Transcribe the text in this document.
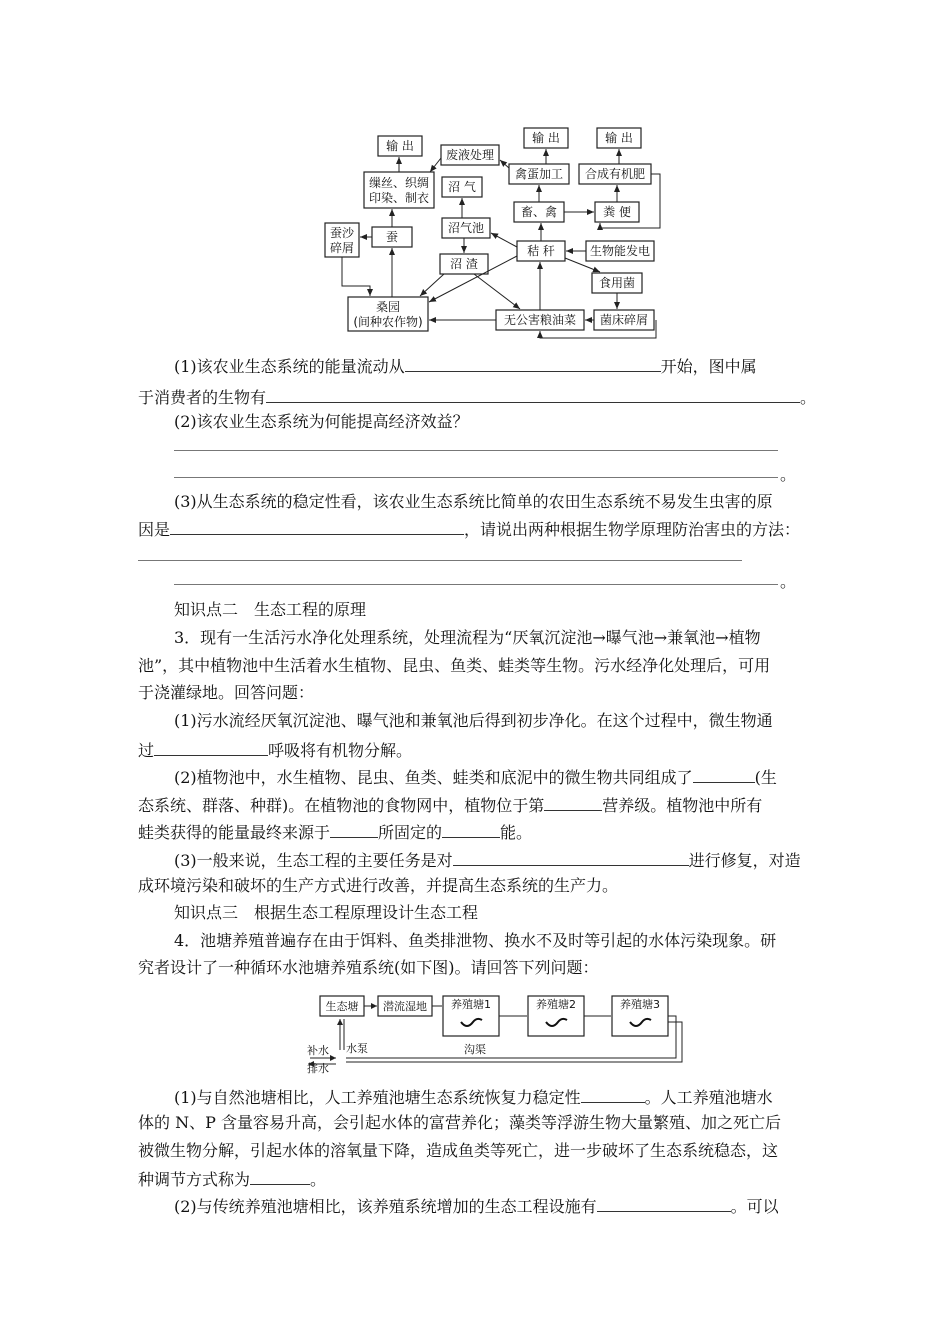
输 出
废液处理
输 出	输 出
缫丝、织绸
印染、制衣
沼 气
禽蛋加工 合成有机肥
蚕沙
碎屑
蚕
沼气池
畜、禽	粪 便
秸 秆	生物能发电
沼 渣
食用菌
桑园
(间种农作物)	无公害粮油菜 菌床碎屑
(1)该农业生态系统的能量流动从	开始，图中属
于消费者的生物有	。
(2)该农业生态系统为何能提高经济效益？
。
(3)从生态系统的稳定性看，该农业生态系统比简单的农田生态系统不易发生虫害的原
因是	，请说出两种根据生物学原理防治害虫的方法：
。
知识点二　生态工程的原理
3．现有一生活污水净化处理系统，处理流程为“厌氧沉淀池→曝气池→兼氧池→植物
池”，其中植物池中生活着水生植物、昆虫、鱼类、蛙类等生物。污水经净化处理后，可用
于浇灌绿地。回答问题：
(1)污水流经厌氧沉淀池、曝气池和兼氧池后得到初步净化。在这个过程中，微生物通
过	呼吸将有机物分解。
(2)植物池中，水生植物、昆虫、鱼类、蛙类和底泥中的微生物共同组成了	(生
态系统、群落、种群)。在植物池的食物网中，植物位于第	营养级。植物池中所有
蛙类获得的能量最终来源于	所固定的	能。
(3)一般来说，生态工程的主要任务是对	进行修复，对造
成环境污染和破坏的生产方式进行改善，并提高生态系统的生产力。
知识点三　根据生态工程原理设计生态工程
4．池塘养殖普遍存在由于饵料、鱼类排泄物、换水不及时等引起的水体污染现象。研
究者设计了一种循环水池塘养殖系统(如下图)。请回答下列问题：
生态塘 潜流湿地 养殖塘1	养殖塘2	养殖塘3
补水 水泵
排水
沟渠
(1)与自然池塘相比，人工养殖池塘生态系统恢复力稳定性	。人工养殖池塘水
体的 N、P 含量容易升高，会引起水体的富营养化；藻类等浮游生物大量繁殖、加之死亡后
被微生物分解，引起水体的溶氧量下降，造成鱼类等死亡，进一步破坏了生态系统稳态，这
种调节方式称为	。
(2)与传统养殖池塘相比，该养殖系统增加的生态工程设施有	。可以
